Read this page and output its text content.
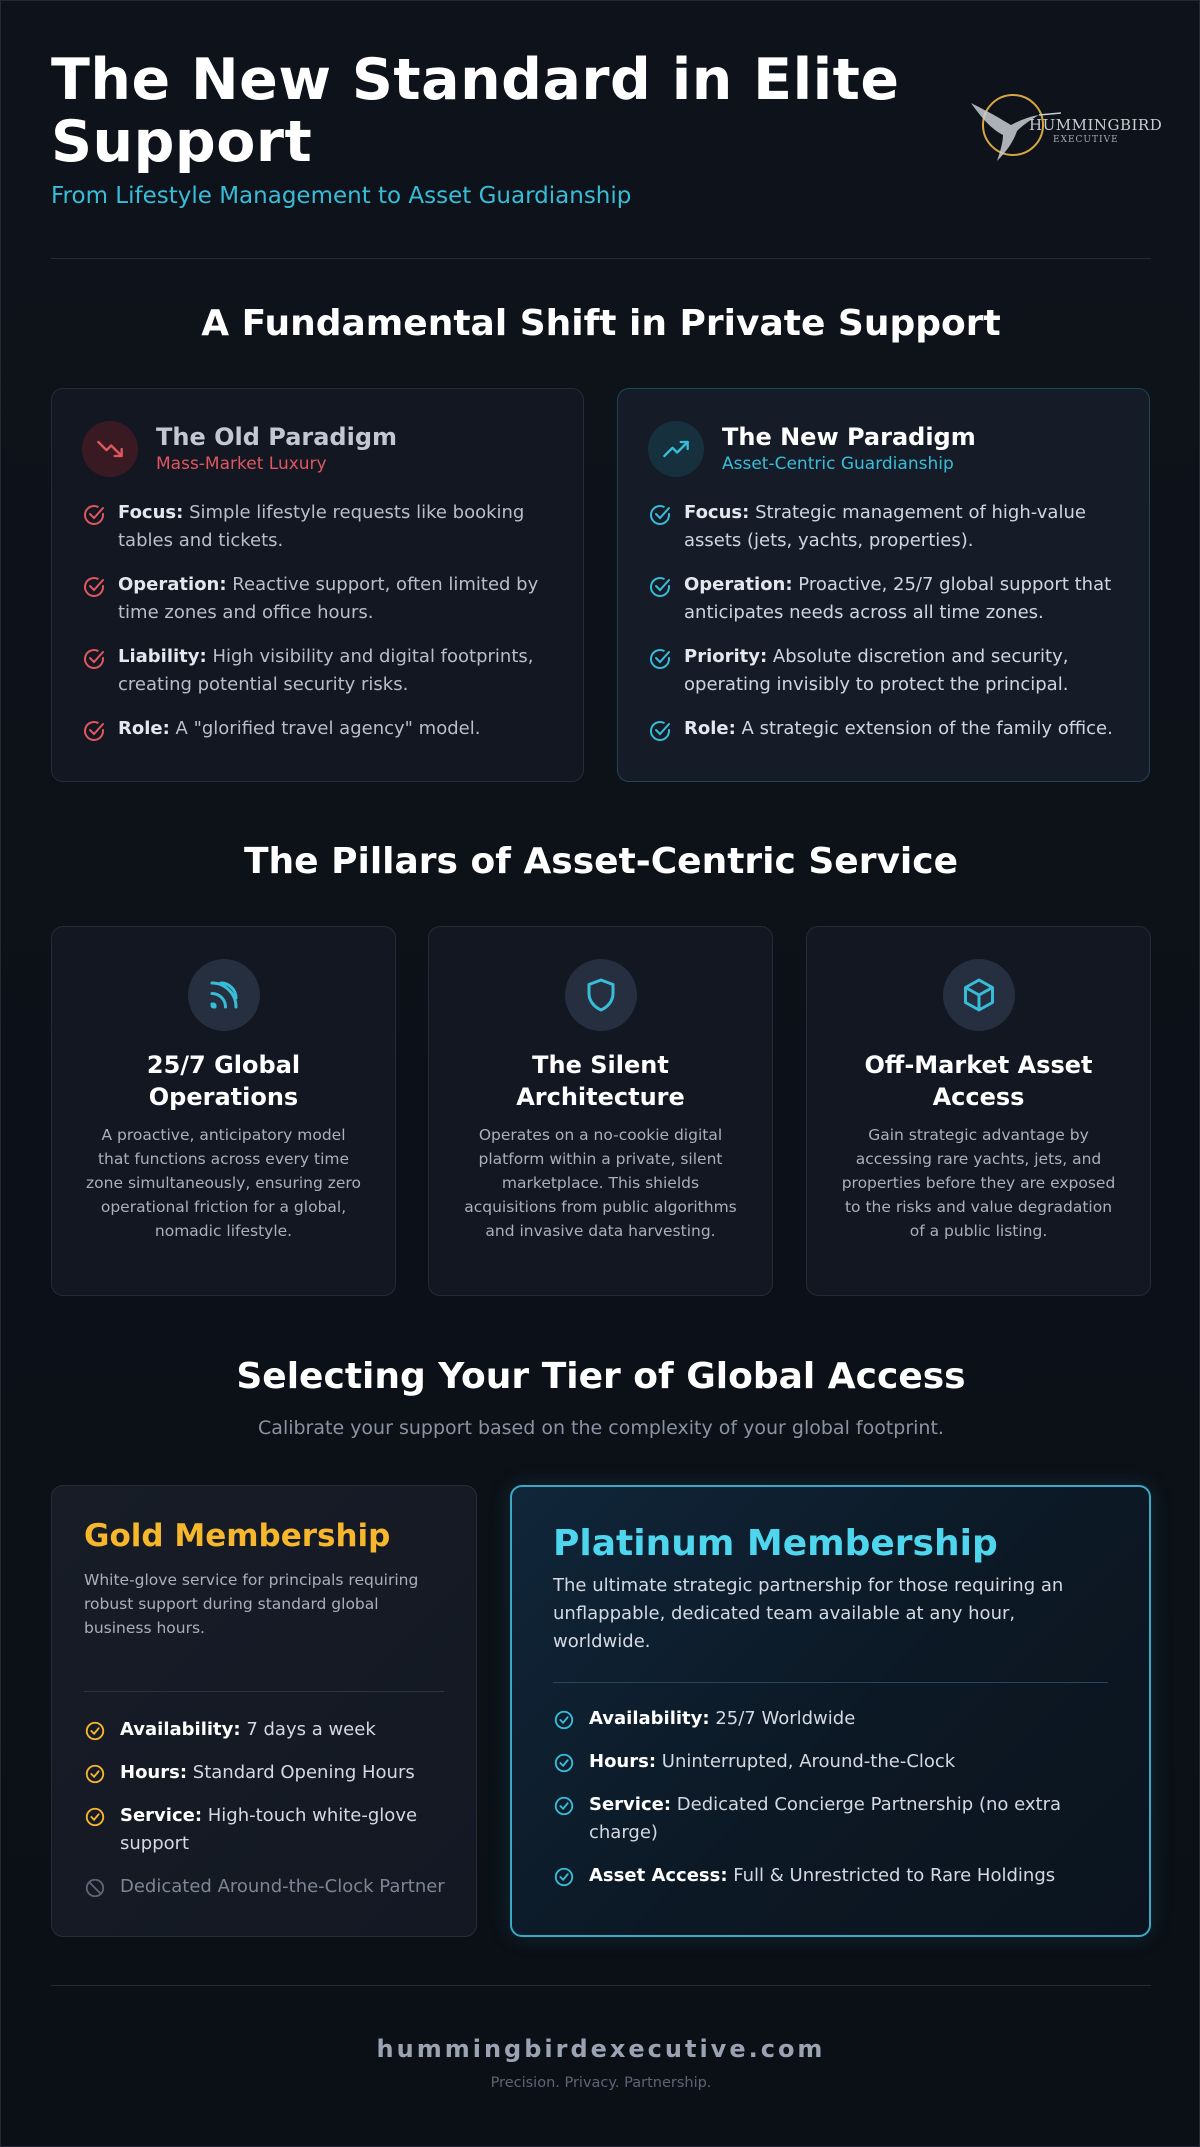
The New Standard in Elite Support
From Lifestyle Management to Asset Guardianship
HUMMINGBIRD
EXECUTIVE
A Fundamental Shift in Private Support
The Old Paradigm
Mass-Market Luxury
Focus: Simple lifestyle requests like booking tables and tickets.
Operation: Reactive support, often limited by time zones and office hours.
Liability: High visibility and digital footprints, creating potential security risks.
Role: A "glorified travel agency" model.
The New Paradigm
Asset-Centric Guardianship
Focus: Strategic management of high-value assets (jets, yachts, properties).
Operation: Proactive, 25/7 global support that anticipates needs across all time zones.
Priority: Absolute discretion and security, operating invisibly to protect the principal.
Role: A strategic extension of the family office.
The Pillars of Asset-Centric Service
25/7 Global Operations
A proactive, anticipatory model that functions across every time zone simultaneously, ensuring zero operational friction for a global, nomadic lifestyle.
The Silent Architecture
Operates on a no-cookie digital platform within a private, silent marketplace. This shields acquisitions from public algorithms and invasive data harvesting.
Off-Market Asset Access
Gain strategic advantage by accessing rare yachts, jets, and properties before they are exposed to the risks and value degradation of a public listing.
Selecting Your Tier of Global Access
Calibrate your support based on the complexity of your global footprint.
Gold Membership
White-glove service for principals requiring robust support during standard global business hours.
Availability: 7 days a week
Hours: Standard Opening Hours
Service: High-touch white-glove support
Dedicated Around-the-Clock Partner
Platinum Membership
The ultimate strategic partnership for those requiring an unflappable, dedicated team available at any hour, worldwide.
Availability: 25/7 Worldwide
Hours: Uninterrupted, Around-the-Clock
Service: Dedicated Concierge Partnership (no extra charge)
Asset Access: Full & Unrestricted to Rare Holdings
hummingbirdexecutive.com
Precision. Privacy. Partnership.
